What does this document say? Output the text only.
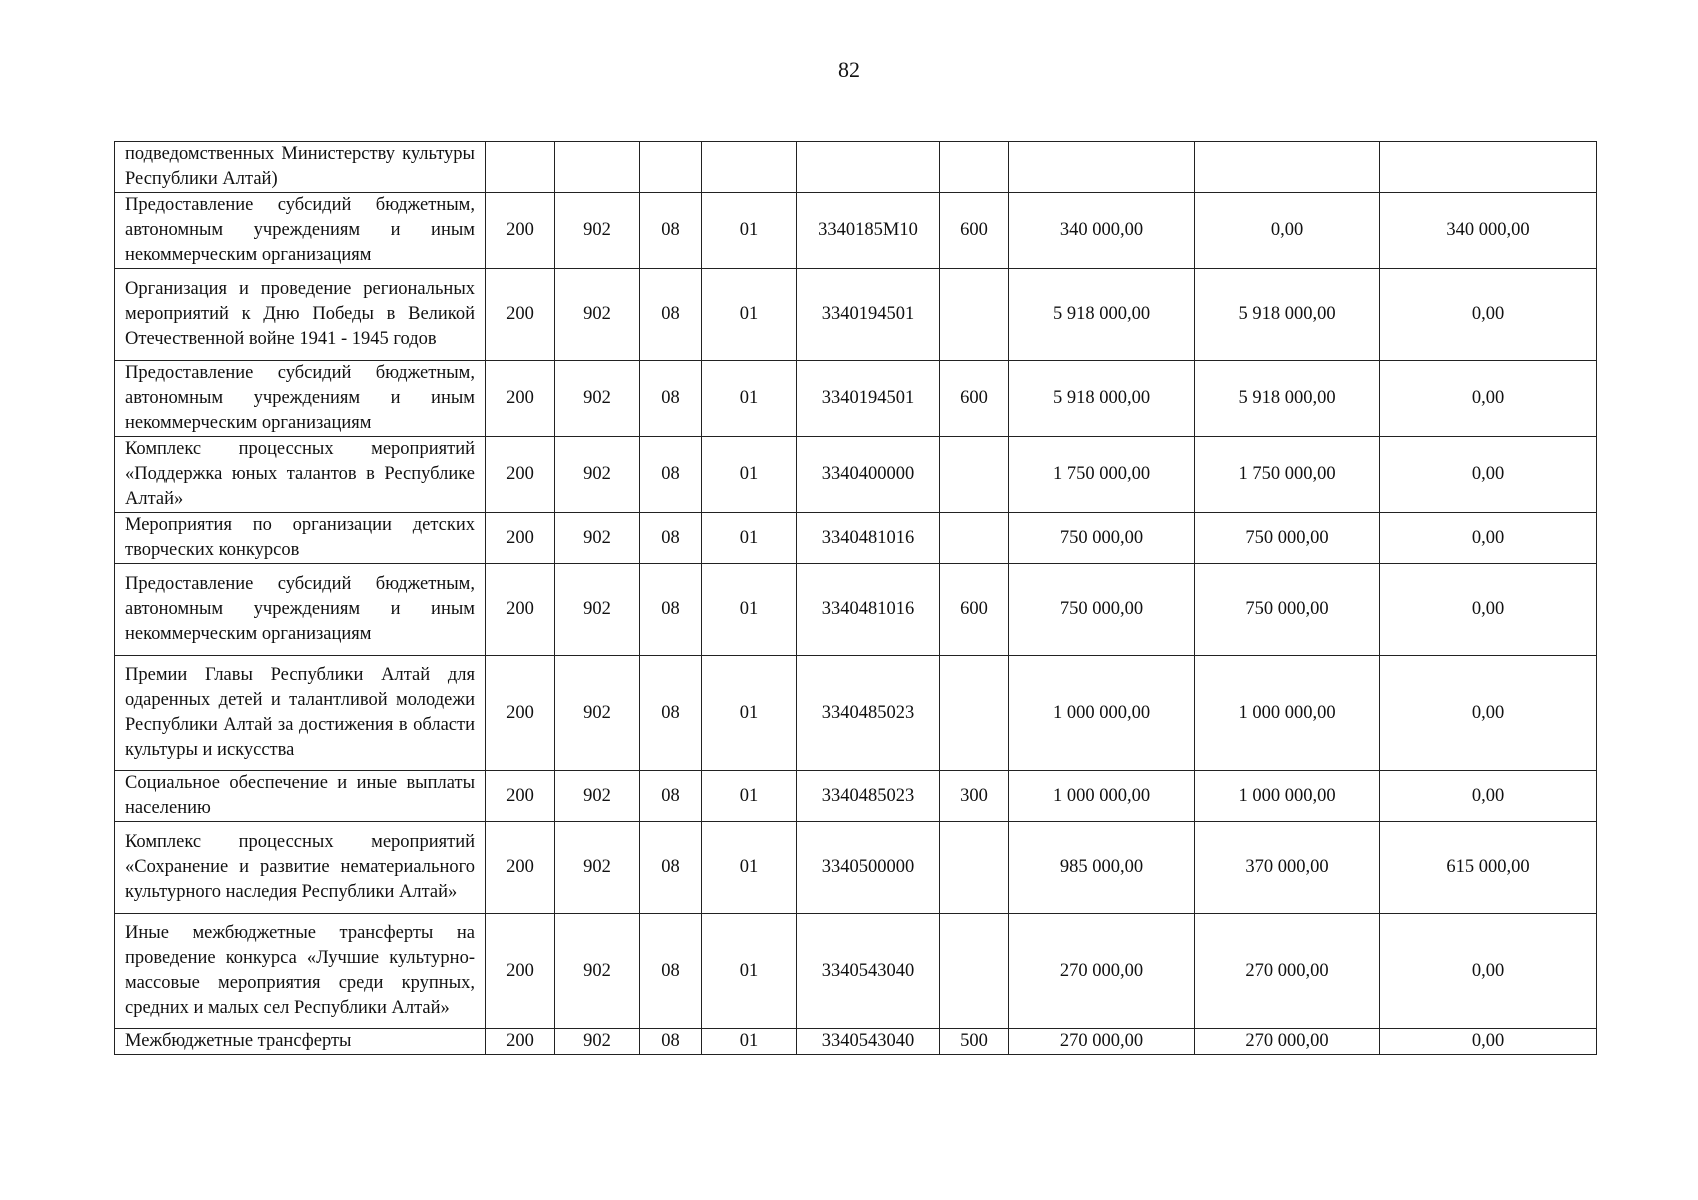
82
подведомственных Министерству культуры Республики Алтай)									
Предоставление субсидий бюджетным, автономным учреждениям и иным некоммерческим организациям	200	902	08	01	3340185М10	600	340 000,00	0,00	340 000,00
Организация и проведение региональных мероприятий к Дню Победы в Великой Отечественной войне 1941 - 1945 годов	200	902	08	01	3340194501		5 918 000,00	5 918 000,00	0,00
Предоставление субсидий бюджетным, автономным учреждениям и иным некоммерческим организациям	200	902	08	01	3340194501	600	5 918 000,00	5 918 000,00	0,00
Комплекс процессных мероприятий «Поддержка юных талантов в Республике Алтай»	200	902	08	01	3340400000		1 750 000,00	1 750 000,00	0,00
Мероприятия по организации детских творческих конкурсов	200	902	08	01	3340481016		750 000,00	750 000,00	0,00
Предоставление субсидий бюджетным, автономным учреждениям и иным некоммерческим организациям	200	902	08	01	3340481016	600	750 000,00	750 000,00	0,00
Премии Главы Республики Алтай для одаренных детей и талантливой молодежи Республики Алтай за достижения в области культуры и искусства	200	902	08	01	3340485023		1 000 000,00	1 000 000,00	0,00
Социальное обеспечение и иные выплаты населению	200	902	08	01	3340485023	300	1 000 000,00	1 000 000,00	0,00
Комплекс процессных мероприятий «Сохранение и развитие нематериального культурного наследия Республики Алтай»	200	902	08	01	3340500000		985 000,00	370 000,00	615 000,00
Иные межбюджетные трансферты на проведение конкурса «Лучшие культурно-массовые мероприятия среди крупных, средних и малых сел Республики Алтай»	200	902	08	01	3340543040		270 000,00	270 000,00	0,00
Межбюджетные трансферты	200	902	08	01	3340543040	500	270 000,00	270 000,00	0,00
